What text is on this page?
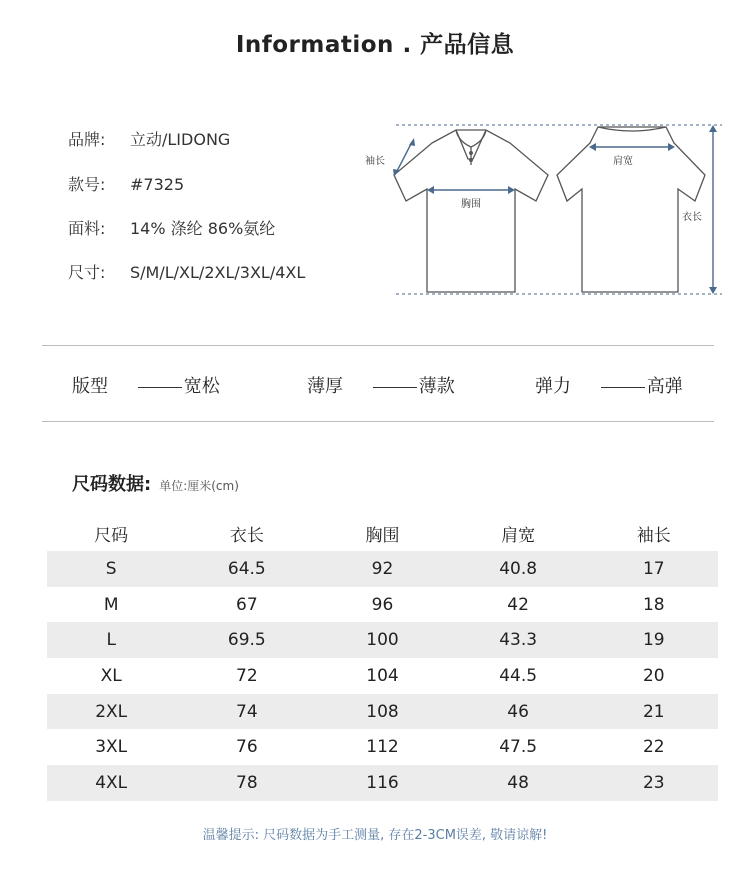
Information . 产品信息
品牌: 立动/LIDONG
款号: #7325
面料: 14% 涤纶 86%氨纶
尺寸: S/M/L/XL/2XL/3XL/4XL
袖长
胸围
肩宽
衣长
版型	宽松	薄厚	薄款	弹力	高弹
尺码数据: 单位:厘米(cm)
尺码	衣长	胸围	肩宽	袖长
S	64.5	92	40.8	17
M	67	96	42	18
L	69.5	100	43.3	19
XL	72	104	44.5	20
2XL	74	108	46	21
3XL	76	112	47.5	22
4XL	78	116	48	23
温馨提示: 尺码数据为手工测量, 存在2-3CM误差, 敬请谅解!
